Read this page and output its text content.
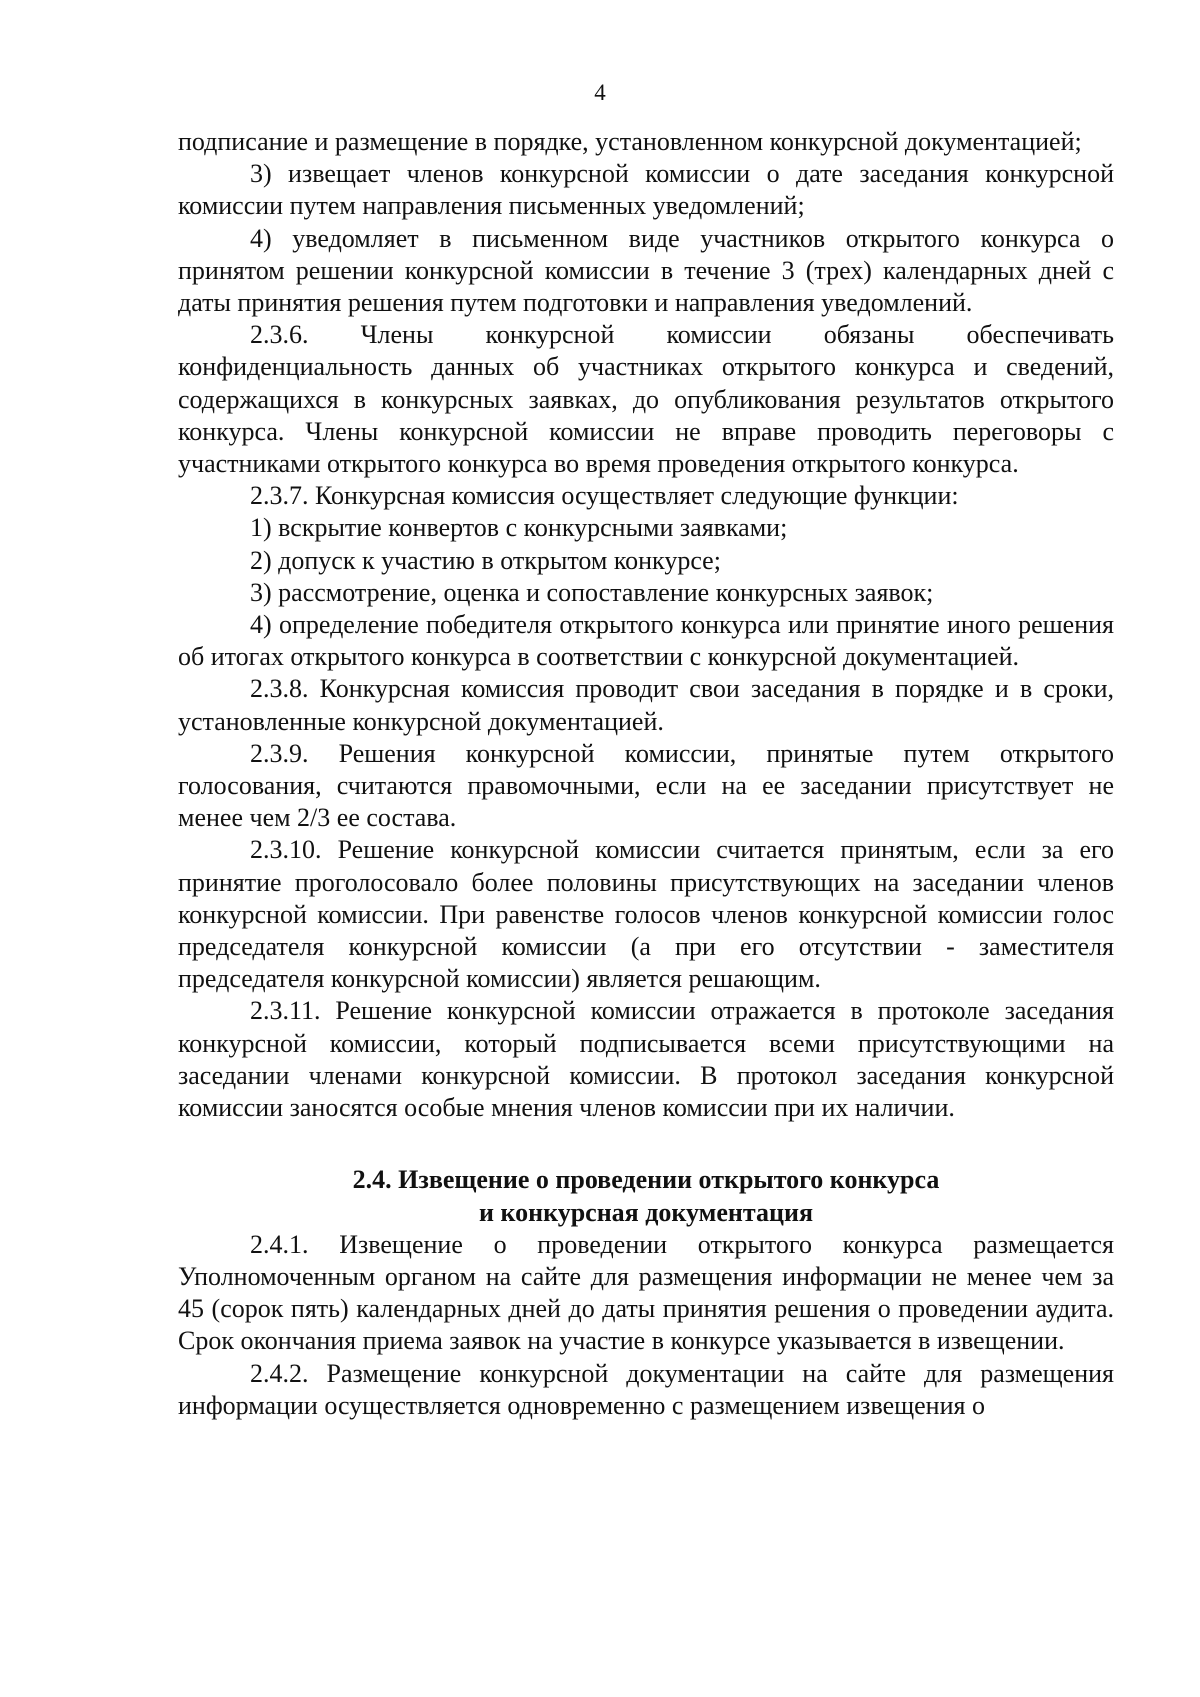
4

подписание и размещение в порядке, установленном конкурсной документацией;

3) извещает членов конкурсной комиссии о дате заседания конкурсной комиссии путем направления письменных уведомлений;

4) уведомляет в письменном виде участников открытого конкурса о принятом решении конкурсной комиссии в течение 3 (трех) календарных дней с даты принятия решения путем подготовки и направления уведомлений.

2.3.6. Члены конкурсной комиссии обязаны обеспечивать конфиденциальность данных об участниках открытого конкурса и сведений, содержащихся в конкурсных заявках, до опубликования результатов открытого конкурса. Члены конкурсной комиссии не вправе проводить переговоры с участниками открытого конкурса во время проведения открытого конкурса.

2.3.7. Конкурсная комиссия осуществляет следующие функции:

1) вскрытие конвертов с конкурсными заявками;

2) допуск к участию в открытом конкурсе;

3) рассмотрение, оценка и сопоставление конкурсных заявок;

4) определение победителя открытого конкурса или принятие иного решения об итогах открытого конкурса в соответствии с конкурсной документацией.

2.3.8. Конкурсная комиссия проводит свои заседания в порядке и в сроки, установленные конкурсной документацией.

2.3.9. Решения конкурсной комиссии, принятые путем открытого голосования, считаются правомочными, если на ее заседании присутствует не менее чем 2/3 ее состава.

2.3.10. Решение конкурсной комиссии считается принятым, если за его принятие проголосовало более половины присутствующих на заседании членов конкурсной комиссии. При равенстве голосов членов конкурсной комиссии голос председателя конкурсной комиссии (а при его отсутствии - заместителя председателя конкурсной комиссии) является решающим.

2.3.11. Решение конкурсной комиссии отражается в протоколе заседания конкурсной комиссии, который подписывается всеми присутствующими на заседании членами конкурсной комиссии. В протокол заседания конкурсной комиссии заносятся особые мнения членов комиссии при их наличии.

2.4. Извещение о проведении открытого конкурса
и конкурсная документация

2.4.1. Извещение о проведении открытого конкурса размещается Уполномоченным органом на сайте для размещения информации не менее чем за 45 (сорок пять) календарных дней до даты принятия решения о проведении аудита. Срок окончания приема заявок на участие в конкурсе указывается в извещении.

2.4.2. Размещение конкурсной документации на сайте для размещения информации осуществляется одновременно с размещением извещения о
